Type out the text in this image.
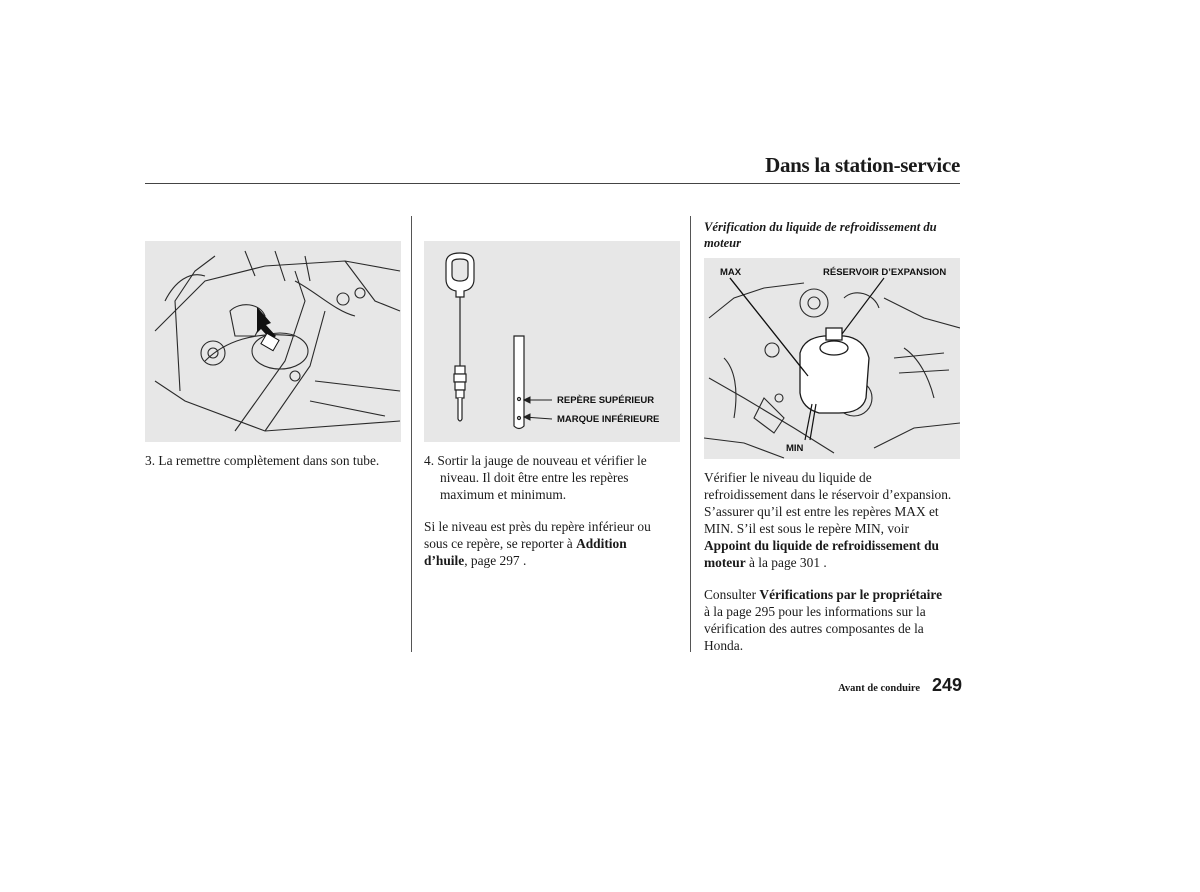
Dans la station-service
3. La remettre complètement dans son tube.
REPÈRE SUPÉRIEUR
MARQUE INFÉRIEURE
4. Sortir la jauge de nouveau et vérifier le
niveau. Il doit être entre les repères
maximum et minimum.
Si le niveau est près du repère inférieur ou
sous ce repère, se reporter à Addition
d’huile, page 297 .
Vérification du liquide de refroidissement du
moteur
MAX	RÉSERVOIR D’EXPANSION
MIN
Vérifier le niveau du liquide de
refroidissement dans le réservoir d’expansion.
S’assurer qu’il est entre les repères MAX et
MIN. S’il est sous le repère MIN, voir
Appoint du liquide de refroidissement du
moteur à la page 301 .
Consulter Vérifications par le propriétaire
à la page 295 pour les informations sur la
vérification des autres composantes de la
Honda.
Avant de conduire 249
